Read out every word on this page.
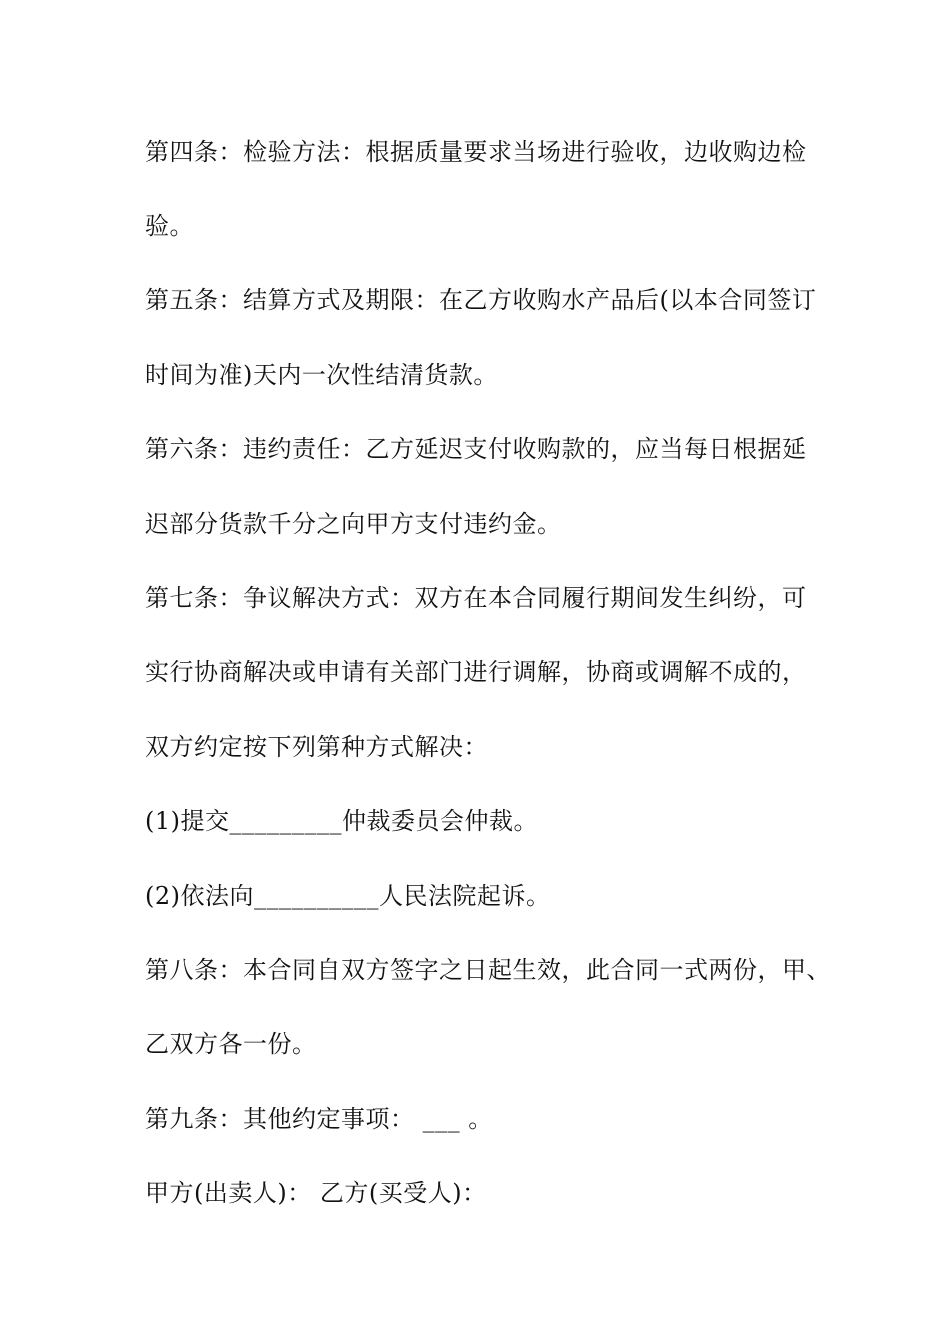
第四条：检验方法：根据质量要求当场进行验收，边收购边检
验。
第五条：结算方式及期限：在乙方收购水产品后(以本合同签订
时间为准)天内一次性结清货款。
第六条：违约责任：乙方延迟支付收购款的，应当每日根据延
迟部分货款千分之向甲方支付违约金。
第七条：争议解决方式：双方在本合同履行期间发生纠纷，可
实行协商解决或申请有关部门进行调解，协商或调解不成的，
双方约定按下列第种方式解决：
(1)提交_________仲裁委员会仲裁。
(2)依法向__________人民法院起诉。
第八条：本合同自双方签字之日起生效，此合同一式两份，甲、
乙双方各一份。
第九条：其他约定事项： ___ 。
甲方(出卖人)： 乙方(买受人)：
